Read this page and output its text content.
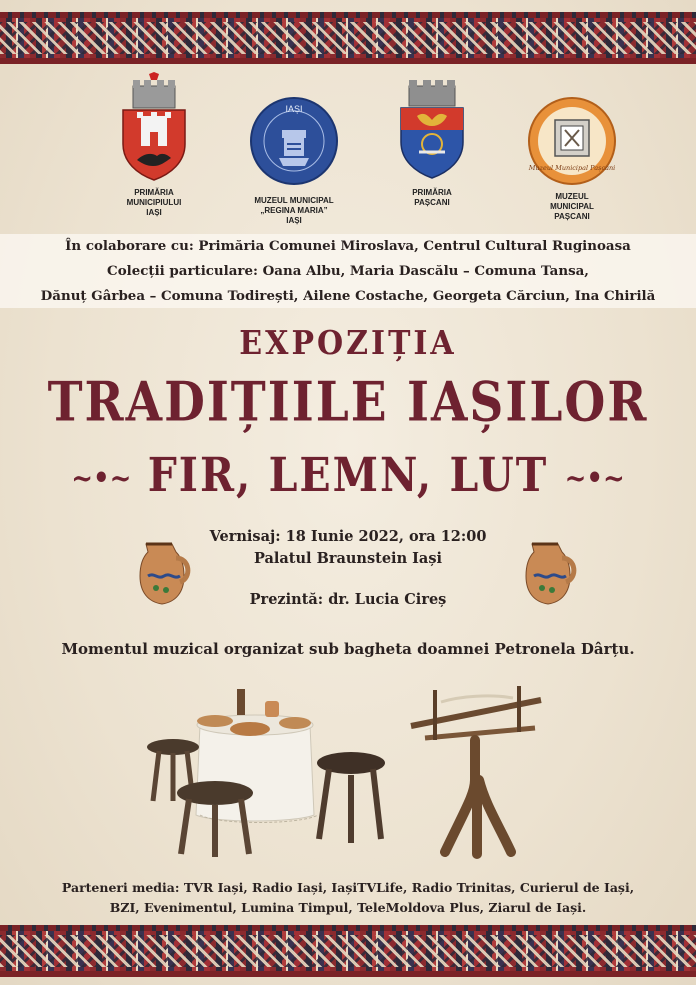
PRIMĂRIA
MUNICIPIULUI
IAȘI
IAȘI
MUZEUL MUNICIPAL
„REGINA MARIA”
IAȘI
PRIMĂRIA
PAȘCANI
Muzeul Municipal Pașcani
MUZEUL
MUNICIPAL
PAȘCANI

În colaborare cu: Primăria Comunei Miroslava, Centrul Cultural Ruginoasa

Colecții particulare: Oana Albu, Maria Dascălu – Comuna Tansa,

Dănuț Gârbea – Comuna Todirești, Ailene Costache, Georgeta Cărciun, Ina Chirilă

EXPOZIȚIA
TRADIȚIILE IAȘILOR
~•~ FIR, LEMN, LUT ~•~
Vernisaj: 18 Iunie 2022, ora 12:00
Palatul Braunstein Iași
Prezintă: dr. Lucia Cireș
Momentul muzical organizat sub bagheta doamnei Petronela Dârțu.
Parteneri media: TVR Iași, Radio Iași, IașiTVLife, Radio Trinitas, Curierul de Iași,
BZI, Evenimentul, Lumina Timpul, TeleMoldova Plus, Ziarul de Iași.
